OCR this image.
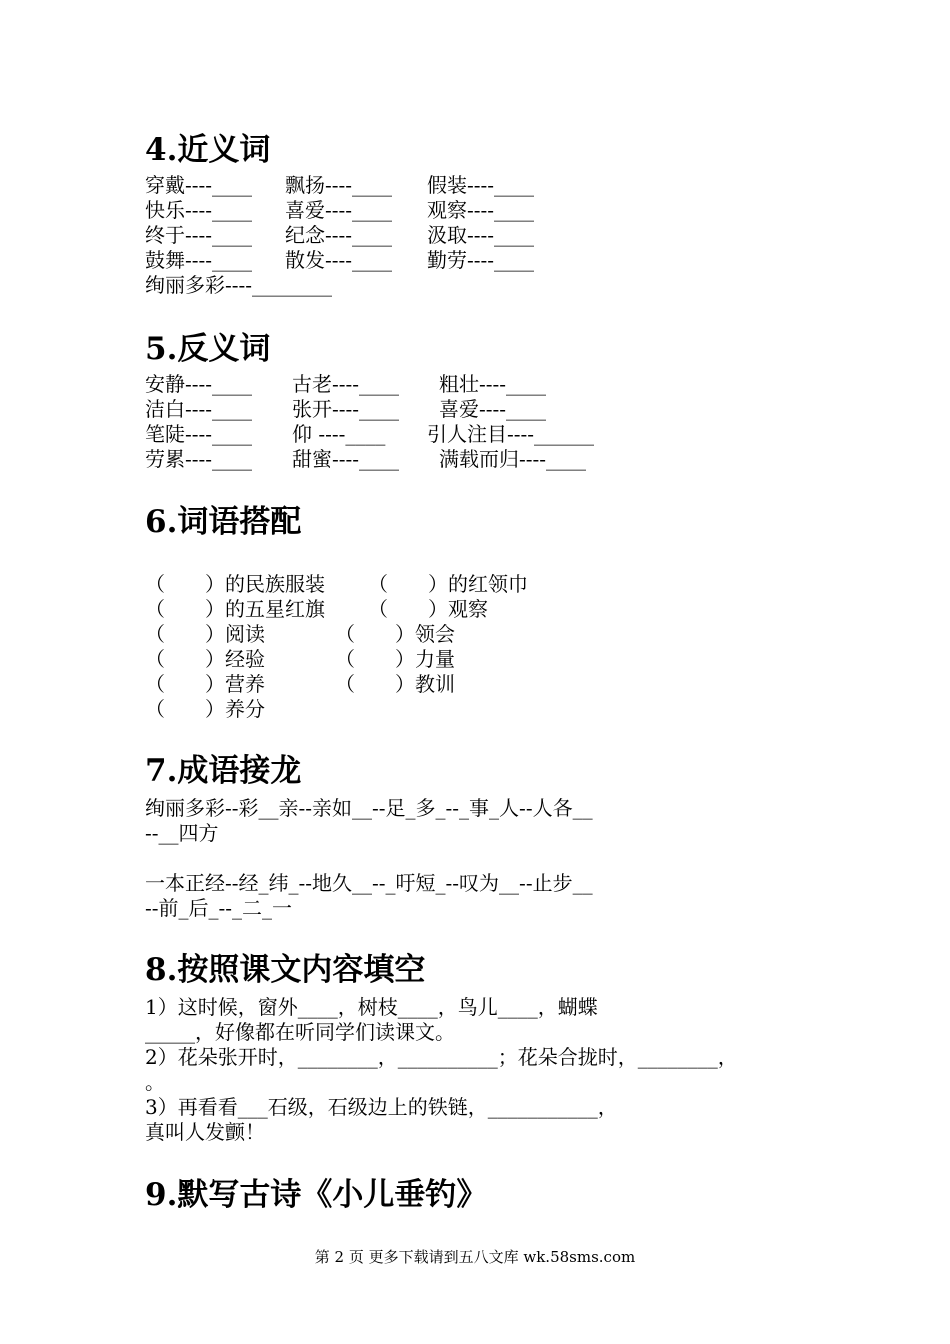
4.近义词
穿戴----____ 飘扬----____ 假装----____
快乐----____ 喜爱----____ 观察----____
终于----____ 纪念----____ 汲取----____
鼓舞----____ 散发----____ 勤劳----____
绚丽多彩----________
5.反义词
安静----____ 古老----____ 粗壮----____
洁白----____ 张开----____ 喜爱----____
笔陡----____ 仰 ----____ 引人注目----______
劳累----____ 甜蜜----____ 满载而归----____
6.词语搭配
（　　）的民族服装 （　　）的红领巾
（　　）的五星红旗 （　　）观察
（　　）阅读	（　　）领会
（　　）经验	（　　）力量
（　　）营养	（　　）教训
（　　）养分
7.成语接龙
绚丽多彩--彩__亲--亲如__--足_多_--_事_人--人各__
--__四方
一本正经--经_纬_--地久__--_吁短_--叹为__--止步__
--前_后_--_二_一
8.按照课文内容填空
1）这时候，窗外____，树枝____，鸟儿____，蝴蝶
_____，好像都在听同学们读课文。
2）花朵张开时，________，__________；花朵合拢时，________，
。
3）再看看___石级，石级边上的铁链，___________，
真叫人发颤！
9.默写古诗《小儿垂钓》
第 2 页 更多下载请到五八文库 wk.58sms.com
